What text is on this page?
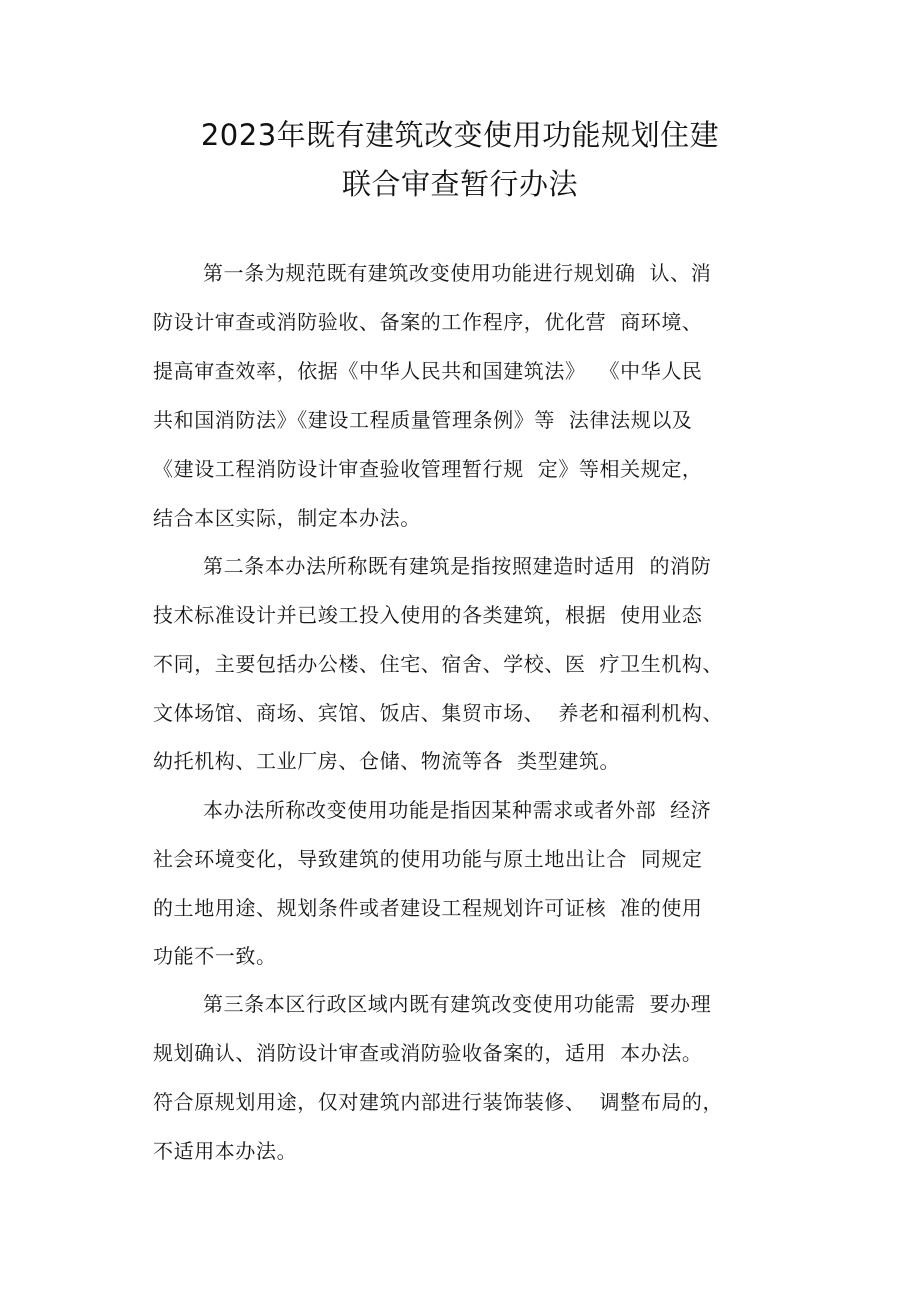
2023年既有建筑改变使用功能规划住建
联合审查暂行办法
第一条为规范既有建筑改变使用功能进行规划确  认、消
防设计审查或消防验收、备案的工作程序，优化营  商环境、
提高审查效率，依据《中华人民共和国建筑法》  《中华人民
共和国消防法》《建设工程质量管理条例》等  法律法规以及
《建设工程消防设计审查验收管理暂行规  定》等相关规定，
结合本区实际，制定本办法。
第二条本办法所称既有建筑是指按照建造时适用  的消防
技术标准设计并已竣工投入使用的各类建筑，根据  使用业态
不同，主要包括办公楼、住宅、宿舍、学校、医  疗卫生机构、
文体场馆、商场、宾馆、饭店、集贸市场、  养老和福利机构、
幼托机构、工业厂房、仓储、物流等各  类型建筑。
本办法所称改变使用功能是指因某种需求或者外部  经济
社会环境变化，导致建筑的使用功能与原土地出让合  同规定
的土地用途、规划条件或者建设工程规划许可证核  准的使用
功能不一致。
第三条本区行政区域内既有建筑改变使用功能需  要办理
规划确认、消防设计审查或消防验收备案的，适用  本办法。
符合原规划用途，仅对建筑内部进行装饰装修、  调整布局的，
不适用本办法。
